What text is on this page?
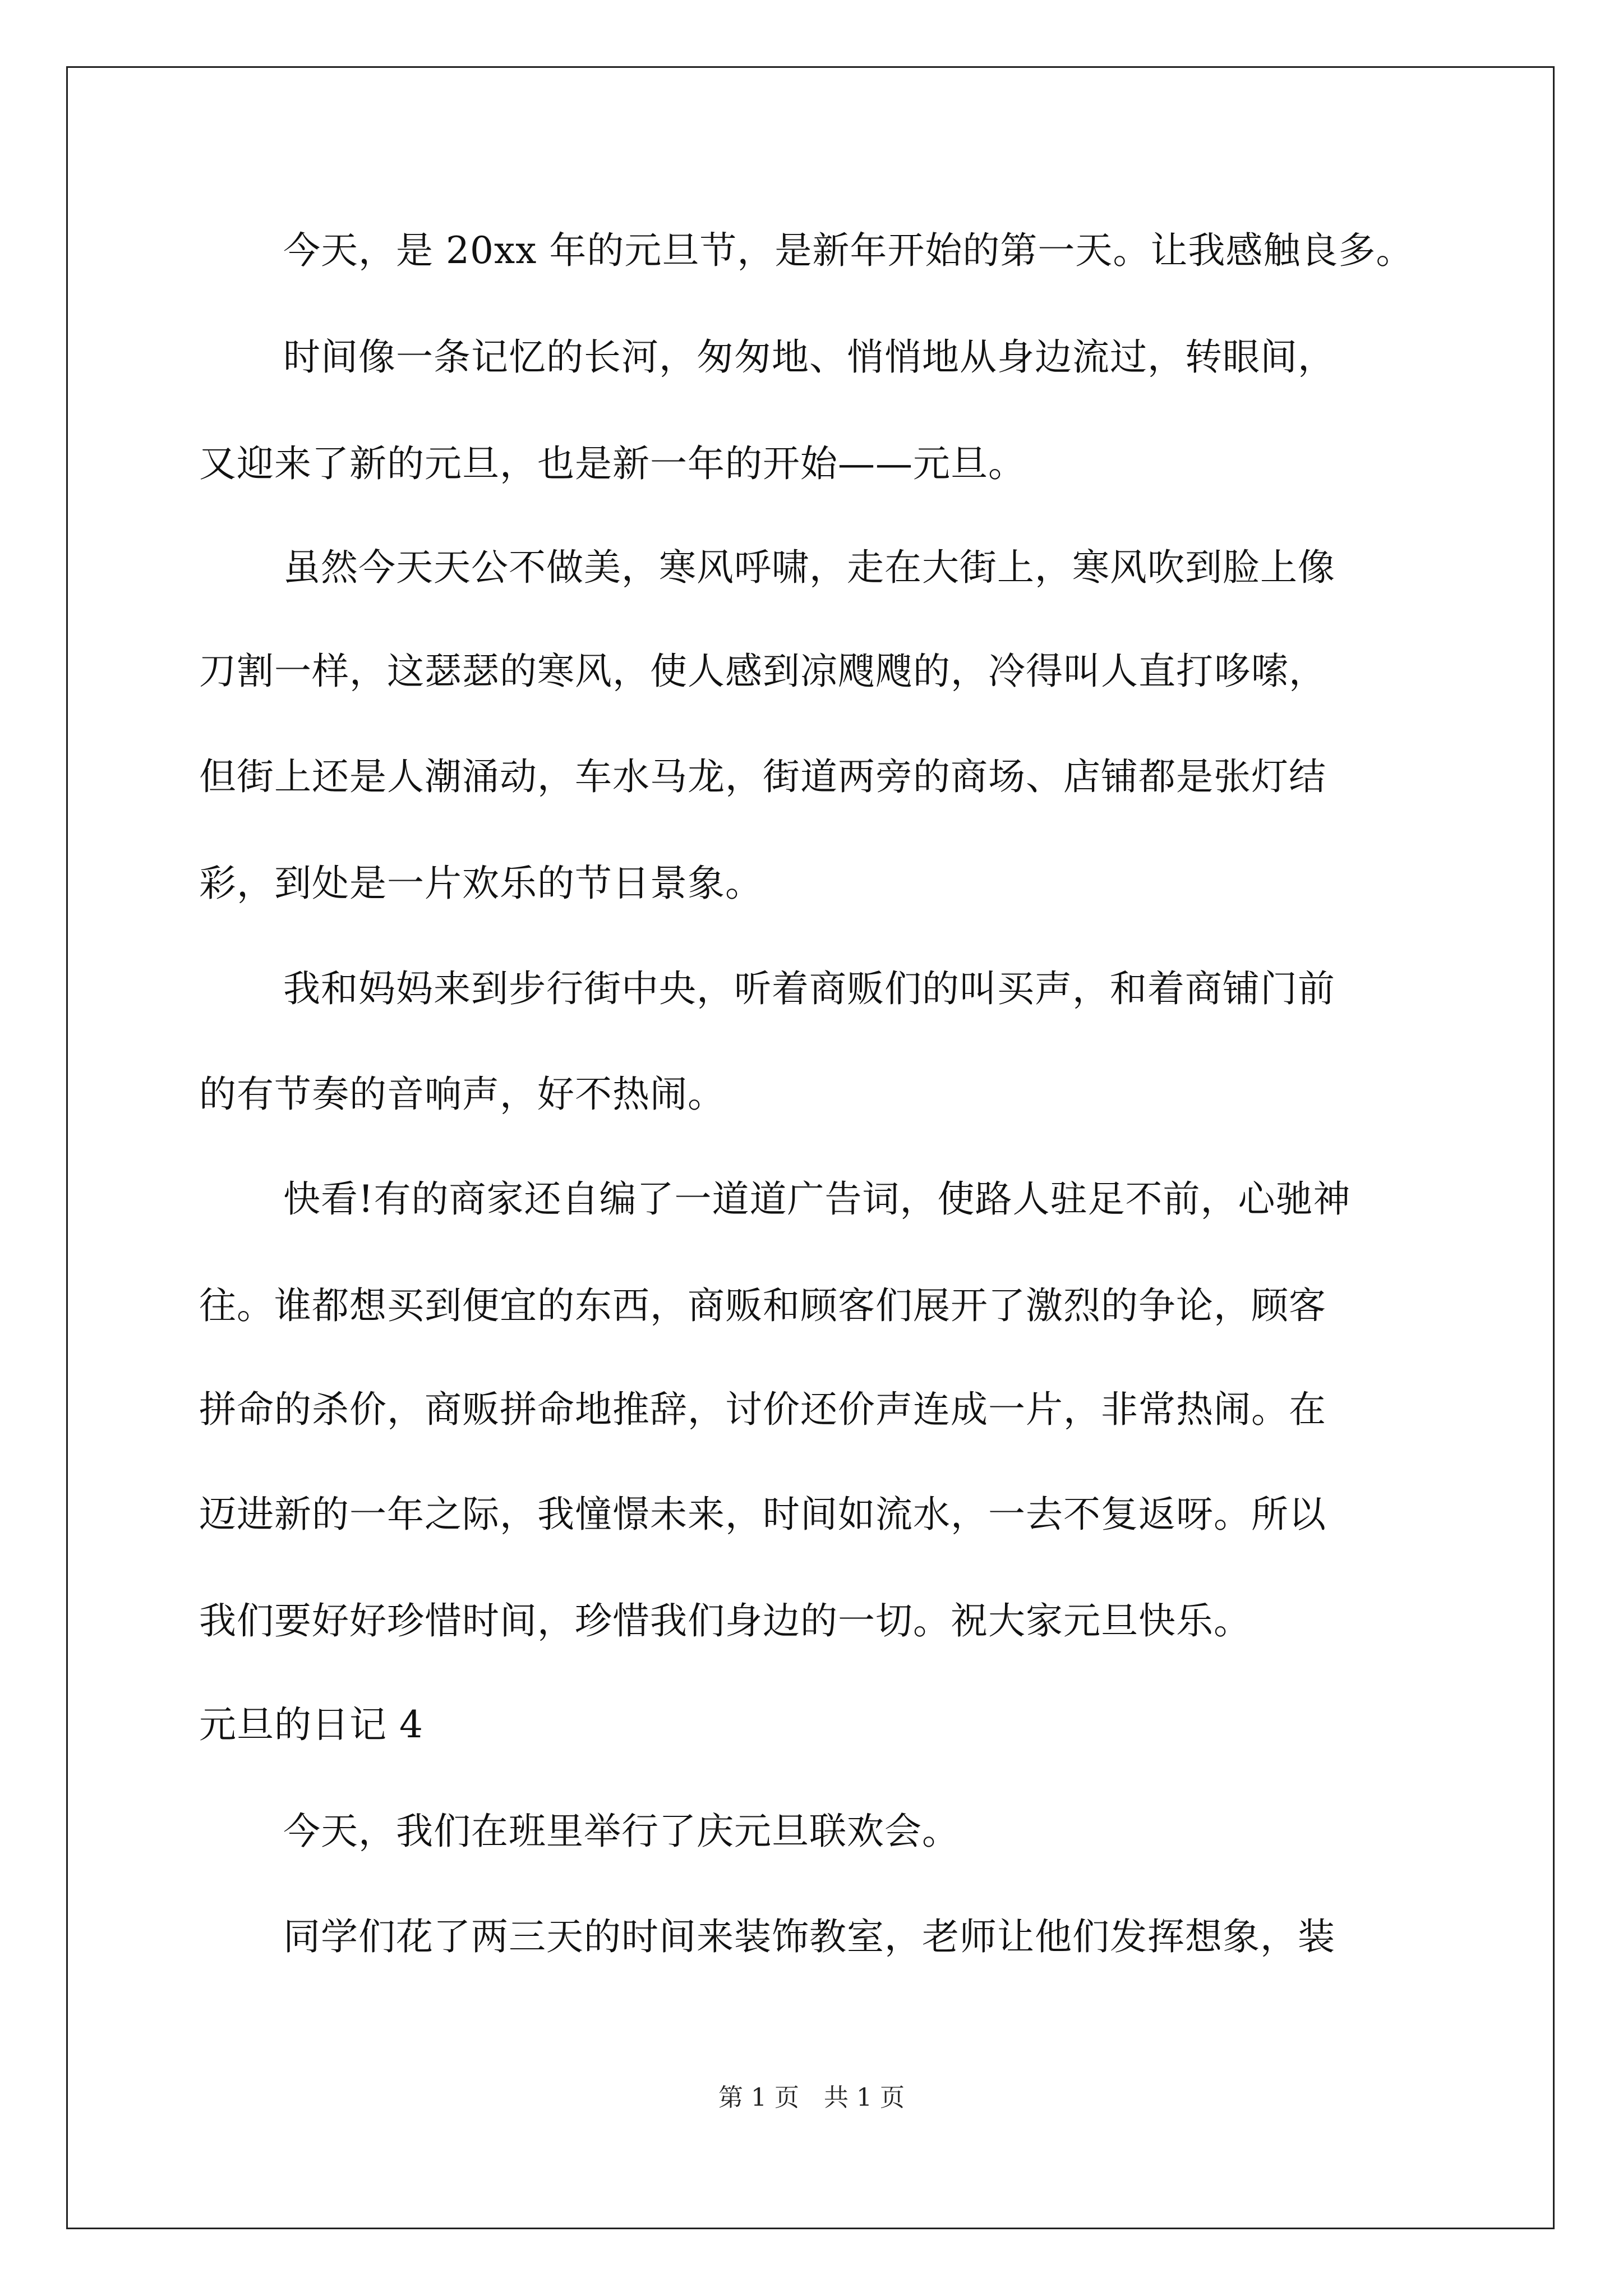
今天，是 20xx 年的元旦节，是新年开始的第一天。让我感触良多。
时间像一条记忆的长河，匆匆地、悄悄地从身边流过，转眼间，
又迎来了新的元旦，也是新一年的开始——元旦。
虽然今天天公不做美，寒风呼啸，走在大街上，寒风吹到脸上像
刀割一样，这瑟瑟的寒风，使人感到凉飕飕的，冷得叫人直打哆嗦，
但街上还是人潮涌动，车水马龙，街道两旁的商场、店铺都是张灯结
彩，到处是一片欢乐的节日景象。
我和妈妈来到步行街中央，听着商贩们的叫买声，和着商铺门前
的有节奏的音响声，好不热闹。
快看!有的商家还自编了一道道广告词，使路人驻足不前，心驰神
往。谁都想买到便宜的东西，商贩和顾客们展开了激烈的争论，顾客
拼命的杀价，商贩拼命地推辞，讨价还价声连成一片，非常热闹。在
迈进新的一年之际，我憧憬未来，时间如流水，一去不复返呀。所以
我们要好好珍惜时间，珍惜我们身边的一切。祝大家元旦快乐。
元旦的日记 4
今天，我们在班里举行了庆元旦联欢会。
同学们花了两三天的时间来装饰教室，老师让他们发挥想象，装
第 1 页　共 1 页
